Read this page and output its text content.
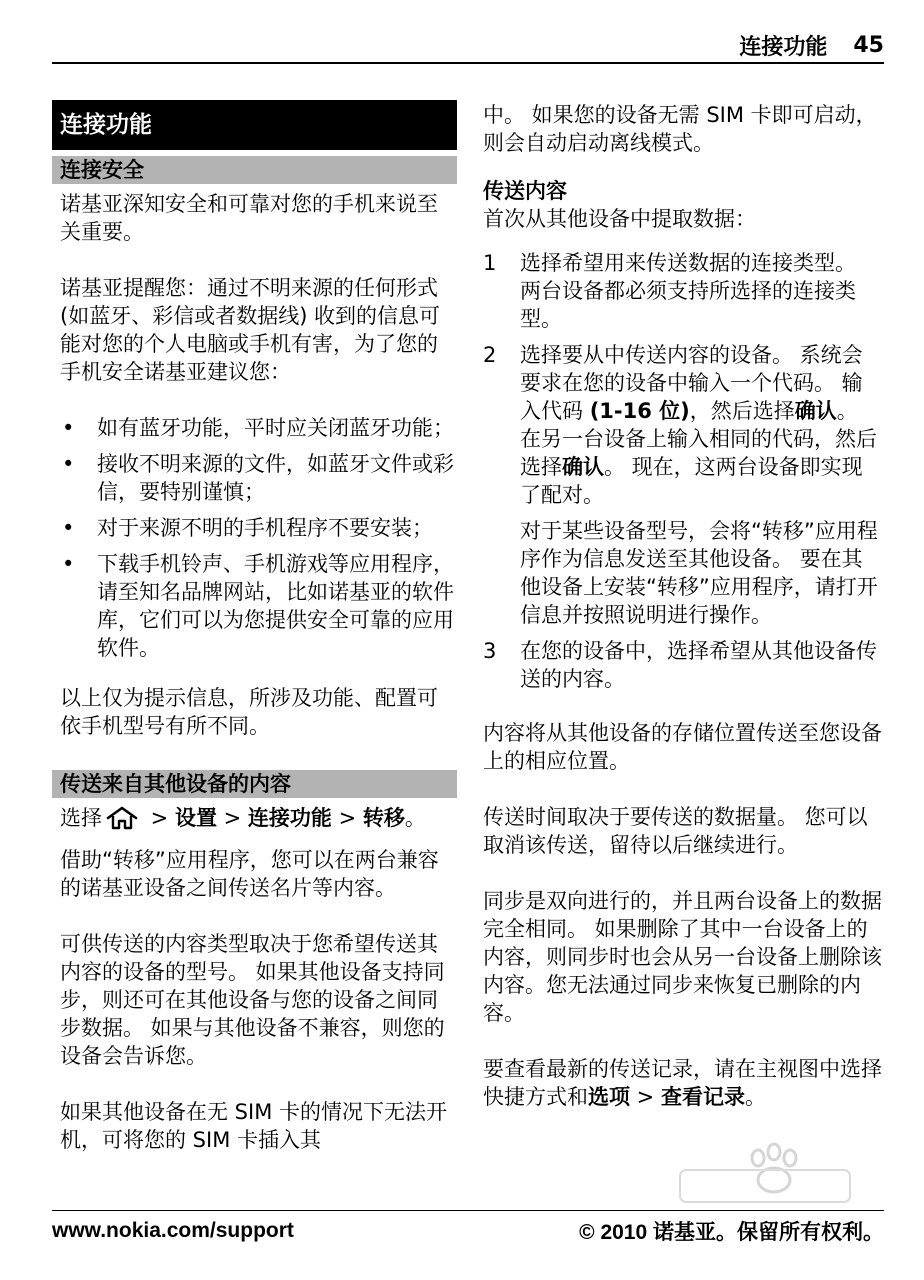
连接功能 45
连接功能
连接安全

诺基亚深知安全和可靠对您的手机来说至关重要。

诺基亚提醒您：通过不明来源的任何形式 (如蓝牙、彩信或者数据线) 收到的信息可能对您的个人电脑或手机有害，为了您的手机安全诺基亚建议您：

• 如有蓝牙功能，平时应关闭蓝牙功能；
• 接收不明来源的文件，如蓝牙文件或彩信，要特别谨慎；
• 对于来源不明的手机程序不要安装；
• 下载手机铃声、手机游戏等应用程序，请至知名品牌网站，比如诺基亚的软件库，它们可以为您提供安全可靠的应用软件。

以上仅为提示信息，所涉及功能、配置可依手机型号有所不同。

传送来自其他设备的内容
选择 > 设置 > 连接功能 > 转移 。

借助“转移”应用程序，您可以在两台兼容的诺基亚设备之间传送名片等内容。

可供传送的内容类型取决于您希望传送其内容的设备的型号。 如果其他设备支持同步，则还可在其他设备与您的设备之间同步数据。 如果与其他设备不兼容，则您的设备会告诉您。

如果其他设备在无 SIM 卡的情况下无法开机，可将您的 SIM 卡插入其

中。 如果您的设备无需 SIM 卡即可启动，则会自动启动离线模式。

传送内容

首次从其他设备中提取数据：

1 选择希望用来传送数据的连接类型。 两台设备都必须支持所选择的连接类型。
2 选择要从中传送内容的设备。 系统会要求在您的设备中输入一个代码。 输入代码 (1-16 位)，然后选择确认。 在另一台设备上输入相同的代码，然后选择确认。 现在，这两台设备即实现了配对。
对于某些设备型号，会将“转移”应用程序作为信息发送至其他设备。 要在其他设备上安装“转移”应用程序，请打开信息并按照说明进行操作。
3 在您的设备中，选择希望从其他设备传送的内容。

内容将从其他设备的存储位置传送至您设备上的相应位置。

传送时间取决于要传送的数据量。 您可以取消该传送，留待以后继续进行。

同步是双向进行的，并且两台设备上的数据完全相同。 如果删除了其中一台设备上的内容，则同步时也会从另一台设备上删除该内容。您无法通过同步来恢复已删除的内容。

要查看最新的传送记录，请在主视图中选择快捷方式和选项 > 查看记录。

www.nokia.com/support	© 2010 诺基亚。保留所有权利。
